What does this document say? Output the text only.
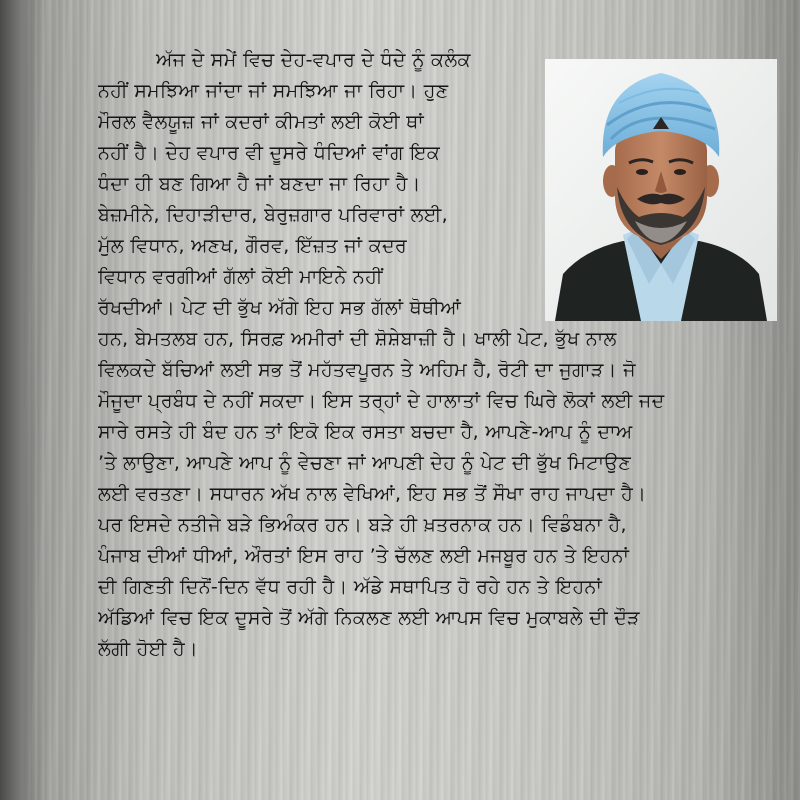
ਅੱਜ ਦੇ ਸਮੇਂ ਵਿਚ ਦੇਹ-ਵਪਾਰ ਦੇ ਧੰਦੇ ਨੂੰ ਕਲੰਕ
ਨਹੀਂ ਸਮਝਿਆ ਜਾਂਦਾ ਜਾਂ ਸਮਝਿਆ ਜਾ ਰਿਹਾ। ਹੁਣ
ਮੌਰਲ ਵੈਲਯੂਜ਼ ਜਾਂ ਕਦਰਾਂ ਕੀਮਤਾਂ ਲਈ ਕੋਈ ਥਾਂ
ਨਹੀਂ ਹੈ। ਦੇਹ ਵਪਾਰ ਵੀ ਦੂਸਰੇ ਧੰਦਿਆਂ ਵਾਂਗ ਇਕ
ਧੰਦਾ ਹੀ ਬਣ ਗਿਆ ਹੈ ਜਾਂ ਬਣਦਾ ਜਾ ਰਿਹਾ ਹੈ।
ਬੇਜ਼ਮੀਨੇ, ਦਿਹਾੜੀਦਾਰ, ਬੇਰੁਜ਼ਗਾਰ ਪਰਿਵਾਰਾਂ ਲਈ,
ਮੁੱਲ ਵਿਧਾਨ, ਅਣਖ, ਗੌਰਵ, ਇੱਜ਼ਤ ਜਾਂ ਕਦਰ
ਵਿਧਾਨ ਵਰਗੀਆਂ ਗੱਲਾਂ ਕੋਈ ਮਾਇਨੇ ਨਹੀਂ
ਰੱਖਦੀਆਂ। ਪੇਟ ਦੀ ਭੁੱਖ ਅੱਗੇ ਇਹ ਸਭ ਗੱਲਾਂ ਥੋਥੀਆਂ
ਹਨ, ਬੇਮਤਲਬ ਹਨ, ਸਿਰਫ਼ ਅਮੀਰਾਂ ਦੀ ਸ਼ੋਸ਼ੇਬਾਜ਼ੀ ਹੈ। ਖਾਲੀ ਪੇਟ, ਭੁੱਖ ਨਾਲ
ਵਿਲਕਦੇ ਬੱਚਿਆਂ ਲਈ ਸਭ ਤੋਂ ਮਹੱਤਵਪੂਰਨ ਤੇ ਅਹਿਮ ਹੈ, ਰੋਟੀ ਦਾ ਜੁਗਾੜ। ਜੋ
ਮੌਜੂਦਾ ਪ੍ਰਬੰਧ ਦੇ ਨਹੀਂ ਸਕਦਾ। ਇਸ ਤਰ੍ਹਾਂ ਦੇ ਹਾਲਾਤਾਂ ਵਿਚ ਘਿਰੇ ਲੋਕਾਂ ਲਈ ਜਦ
ਸਾਰੇ ਰਸਤੇ ਹੀ ਬੰਦ ਹਨ ਤਾਂ ਇਕੋ ਇਕ ਰਸਤਾ ਬਚਦਾ ਹੈ, ਆਪਣੇ-ਆਪ ਨੂੰ ਦਾਅ
’ਤੇ ਲਾਉਣਾ, ਆਪਣੇ ਆਪ ਨੂੰ ਵੇਚਣਾ ਜਾਂ ਆਪਣੀ ਦੇਹ ਨੂੰ ਪੇਟ ਦੀ ਭੁੱਖ ਮਿਟਾਉਣ
ਲਈ ਵਰਤਣਾ। ਸਧਾਰਨ ਅੱਖ ਨਾਲ ਵੇਖਿਆਂ, ਇਹ ਸਭ ਤੋਂ ਸੌਖਾ ਰਾਹ ਜਾਪਦਾ ਹੈ।
ਪਰ ਇਸਦੇ ਨਤੀਜੇ ਬੜੇ ਭਿਅੰਕਰ ਹਨ। ਬੜੇ ਹੀ ਖ਼ਤਰਨਾਕ ਹਨ। ਵਿਡੰਬਨਾ ਹੈ,
ਪੰਜਾਬ ਦੀਆਂ ਧੀਆਂ, ਔਰਤਾਂ ਇਸ ਰਾਹ ’ਤੇ ਚੱਲਣ ਲਈ ਮਜਬੂਰ ਹਨ ਤੇ ਇਹਨਾਂ
ਦੀ ਗਿਣਤੀ ਦਿਨੋਂ-ਦਿਨ ਵੱਧ ਰਹੀ ਹੈ। ਅੱਡੇ ਸਥਾਪਿਤ ਹੋ ਰਹੇ ਹਨ ਤੇ ਇਹਨਾਂ
ਅੱਡਿਆਂ ਵਿਚ ਇਕ ਦੂਸਰੇ ਤੋਂ ਅੱਗੇ ਨਿਕਲਣ ਲਈ ਆਪਸ ਵਿਚ ਮੁਕਾਬਲੇ ਦੀ ਦੌੜ
ਲੱਗੀ ਹੋਈ ਹੈ।
